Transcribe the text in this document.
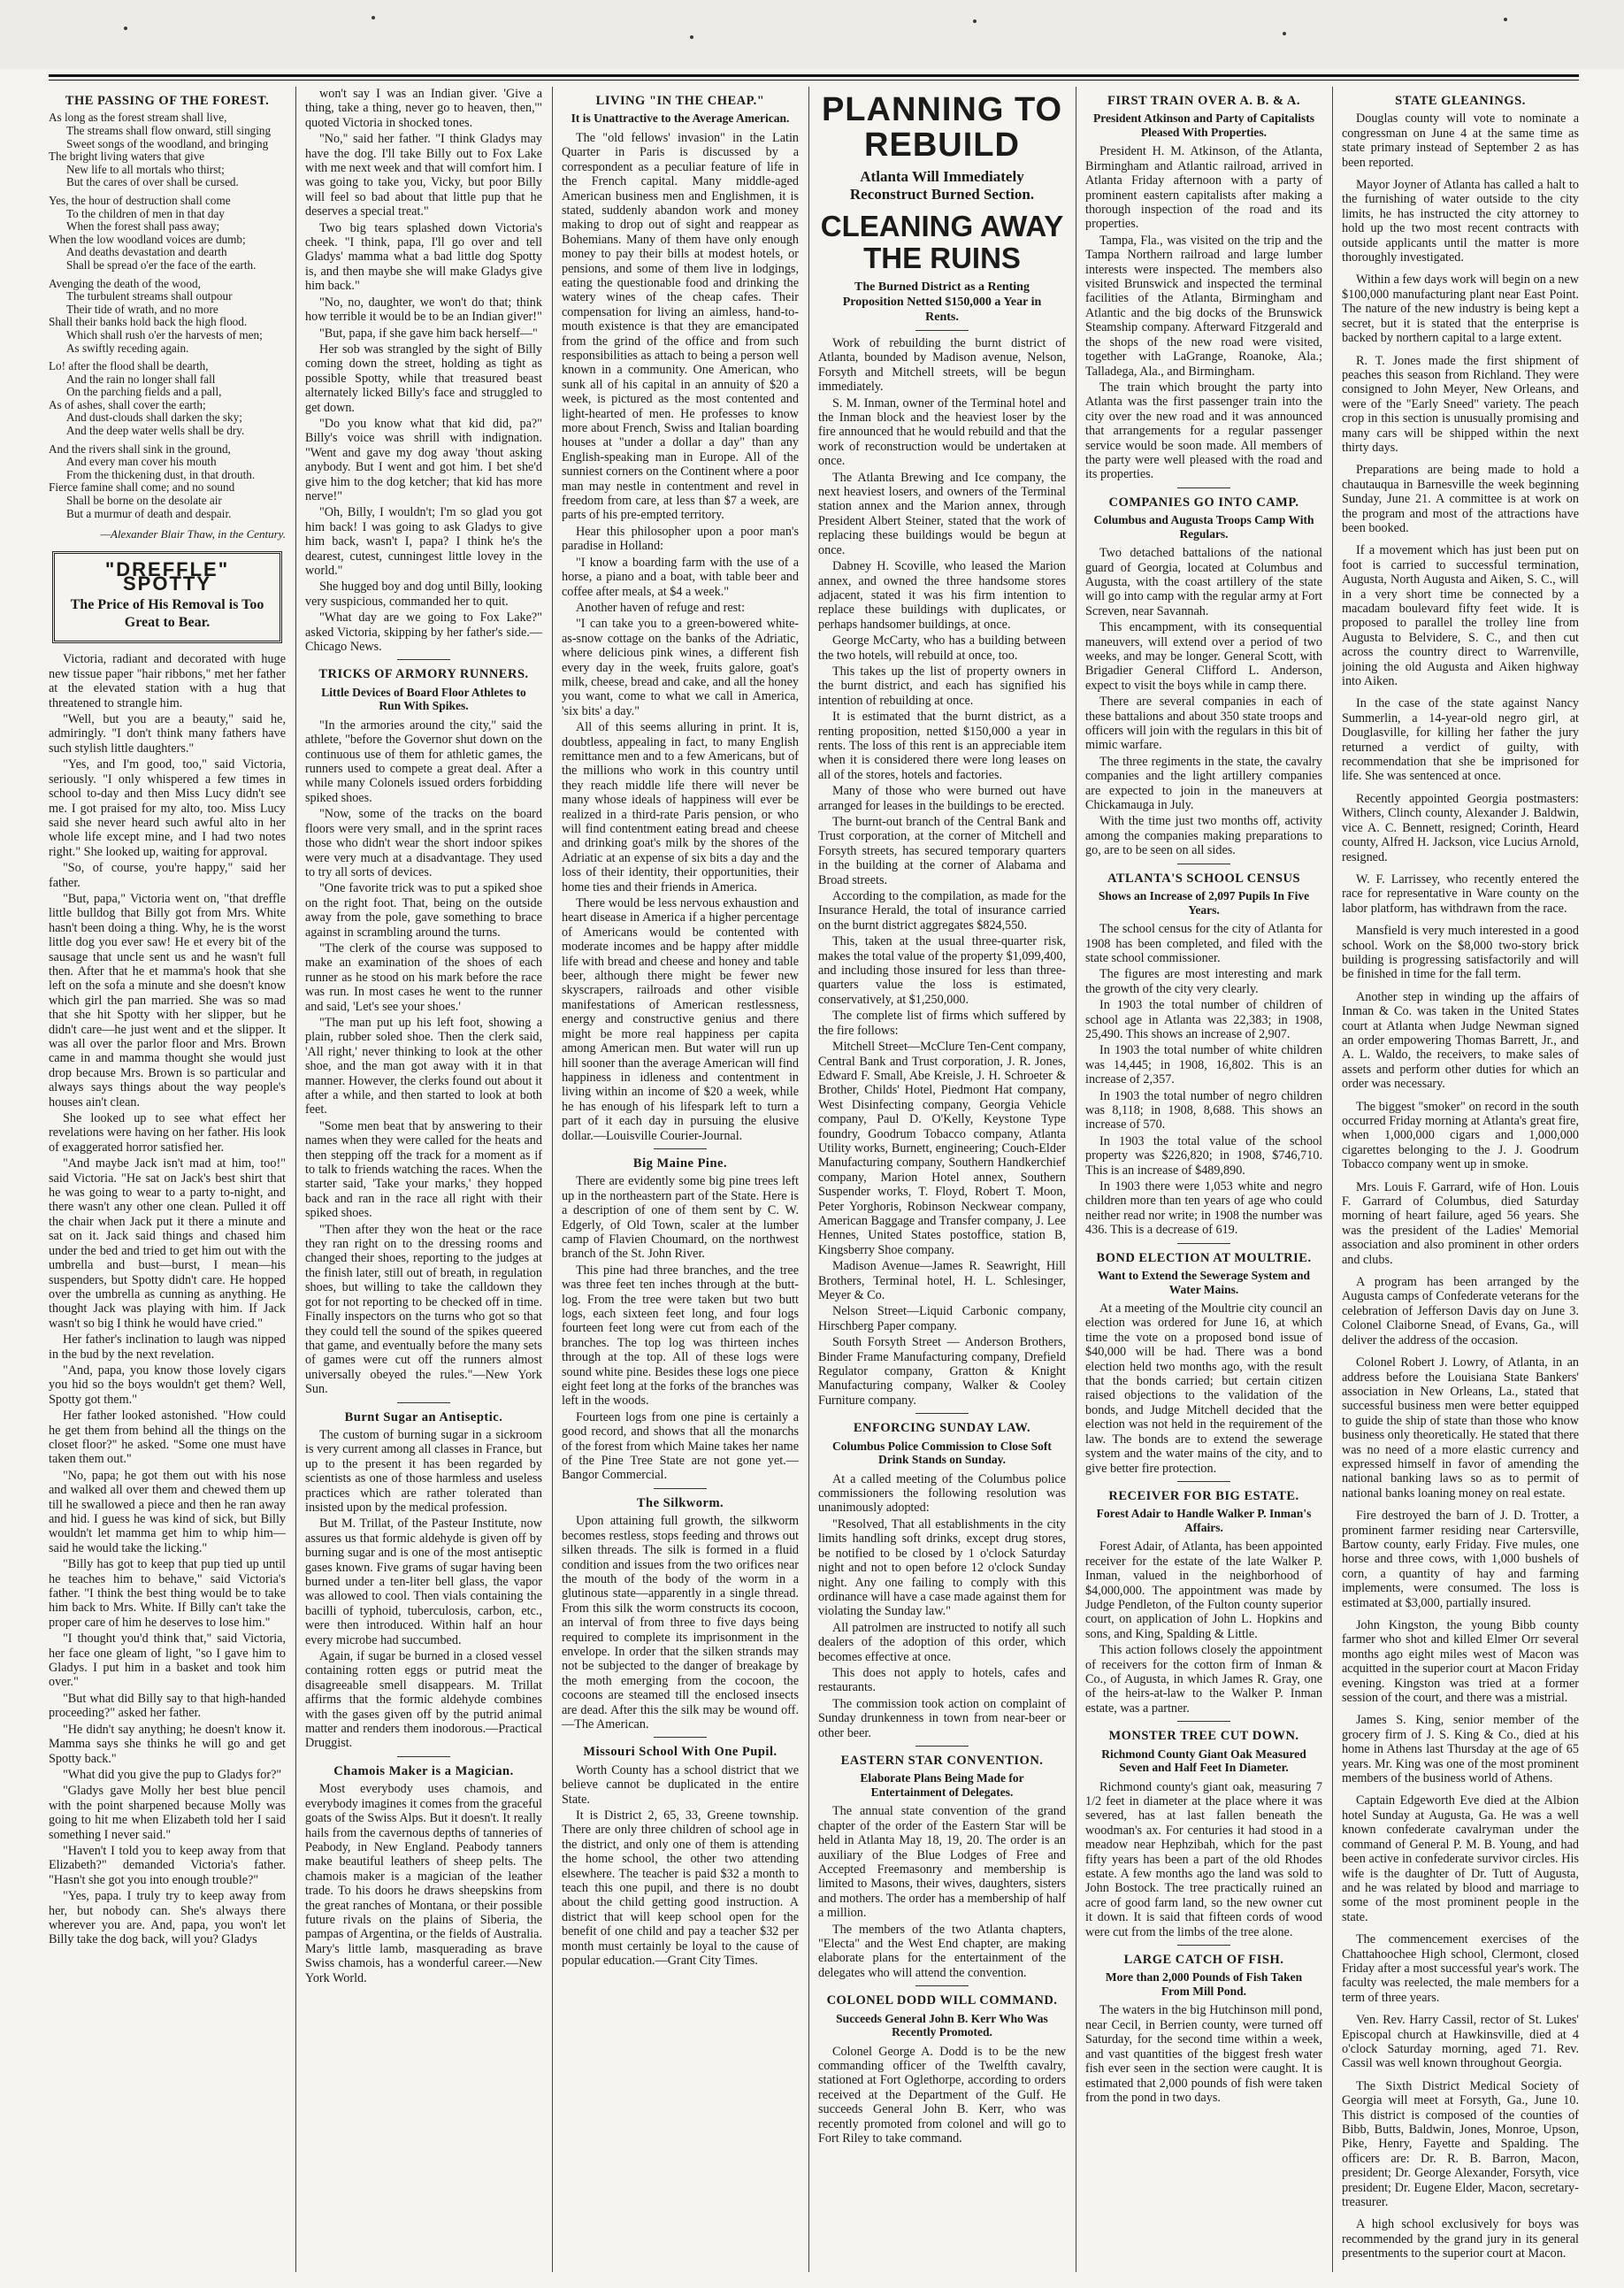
THE PASSING OF THE FOREST.
As long as the forest stream shall live,
The streams shall flow onward, still singing
Sweet songs of the woodland, and bringing
The bright living waters that give
New life to all mortals who thirst;
But the cares of over shall be cursed.
Yes, the hour of destruction shall come
To the children of men in that day
When the forest shall pass away;
When the low woodland voices are dumb;
And deaths devastation and dearth
Shall be spread o'er the face of the earth.
Avenging the death of the wood,
The turbulent streams shall outpour
Their tide of wrath, and no more
Shall their banks hold back the high flood.
Which shall rush o'er the harvests of men;
As swiftly receding again.
Lo! after the flood shall be dearth,
And the rain no longer shall fall
On the parching fields and a pall,
As of ashes, shall cover the earth;
And dust-clouds shall darken the sky;
And the deep water wells shall be dry.
And the rivers shall sink in the ground,
And every man cover his mouth
From the thickening dust, in that drouth.
Fierce famine shall come; and no sound
Shall be borne on the desolate air
But a murmur of death and despair.
—Alexander Blair Thaw, in the Century.
"DREFFLE" SPOTTY
The Price of His Removal is Too Great to Bear.

Victoria, radiant and decorated with huge new tissue paper "hair ribbons," met her father at the elevated station with a hug that threatened to strangle him.

"Well, but you are a beauty," said he, admiringly. "I don't think many fathers have such stylish little daughters."

"Yes, and I'm good, too," said Victoria, seriously. "I only whispered a few times in school to-day and then Miss Lucy didn't see me. I got praised for my alto, too. Miss Lucy said she never heard such awful alto in her whole life except mine, and I had two notes right." She looked up, waiting for approval.

"So, of course, you're happy," said her father.

"But, papa," Victoria went on, "that dreffle little bulldog that Billy got from Mrs. White hasn't been doing a thing. Why, he is the worst little dog you ever saw! He et every bit of the sausage that uncle sent us and he wasn't full then. After that he et mamma's hook that she left on the sofa a minute and she doesn't know which girl the pan married. She was so mad that she hit Spotty with her slipper, but he didn't care—he just went and et the slipper. It was all over the parlor floor and Mrs. Brown came in and mamma thought she would just drop because Mrs. Brown is so particular and always says things about the way people's houses ain't clean.

She looked up to see what effect her revelations were having on her father. His look of exaggerated horror satisfied her.

"And maybe Jack isn't mad at him, too!" said Victoria. "He sat on Jack's best shirt that he was going to wear to a party to-night, and there wasn't any other one clean. Pulled it off the chair when Jack put it there a minute and sat on it. Jack said things and chased him under the bed and tried to get him out with the umbrella and bust—burst, I mean—his suspenders, but Spotty didn't care. He hopped over the umbrella as cunning as anything. He thought Jack was playing with him. If Jack wasn't so big I think he would have cried."

Her father's inclination to laugh was nipped in the bud by the next revelation.

"And, papa, you know those lovely cigars you hid so the boys wouldn't get them? Well, Spotty got them."

Her father looked astonished. "How could he get them from behind all the things on the closet floor?" he asked. "Some one must have taken them out."

"No, papa; he got them out with his nose and walked all over them and chewed them up till he swallowed a piece and then he ran away and hid. I guess he was kind of sick, but Billy wouldn't let mamma get him to whip him—said he would take the licking."

"Billy has got to keep that pup tied up until he teaches him to behave," said Victoria's father. "I think the best thing would be to take him back to Mrs. White. If Billy can't take the proper care of him he deserves to lose him."

"I thought you'd think that," said Victoria, her face one gleam of light, "so I gave him to Gladys. I put him in a basket and took him over."

"But what did Billy say to that high-handed proceeding?" asked her father.

"He didn't say anything; he doesn't know it. Mamma says she thinks he will go and get Spotty back."

"What did you give the pup to Gladys for?"

"Gladys gave Molly her best blue pencil with the point sharpened because Molly was going to hit me when Elizabeth told her I said something I never said."

"Haven't I told you to keep away from that Elizabeth?" demanded Victoria's father. "Hasn't she got you into enough trouble?"

"Yes, papa. I truly try to keep away from her, but nobody can. She's always there wherever you are. And, papa, you won't let Billy take the dog back, will you? Gladys

won't say I was an Indian giver. 'Give a thing, take a thing, never go to heaven, then,'" quoted Victoria in shocked tones.

"No," said her father. "I think Gladys may have the dog. I'll take Billy out to Fox Lake with me next week and that will comfort him. I was going to take you, Vicky, but poor Billy will feel so bad about that little pup that he deserves a special treat."

Two big tears splashed down Victoria's cheek. "I think, papa, I'll go over and tell Gladys' mamma what a bad little dog Spotty is, and then maybe she will make Gladys give him back."

"No, no, daughter, we won't do that; think how terrible it would be to be an Indian giver!"

"But, papa, if she gave him back herself—"

Her sob was strangled by the sight of Billy coming down the street, holding as tight as possible Spotty, while that treasured beast alternately licked Billy's face and struggled to get down.

"Do you know what that kid did, pa?" Billy's voice was shrill with indignation. "Went and gave my dog away 'thout asking anybody. But I went and got him. I bet she'd give him to the dog ketcher; that kid has more nerve!"

"Oh, Billy, I wouldn't; I'm so glad you got him back! I was going to ask Gladys to give him back, wasn't I, papa? I think he's the dearest, cutest, cunningest little lovey in the world."

She hugged boy and dog until Billy, looking very suspicious, commanded her to quit.

"What day are we going to Fox Lake?" asked Victoria, skipping by her father's side.—Chicago News.

TRICKS OF ARMORY RUNNERS.
Little Devices of Board Floor Athletes to Run With Spikes.

"In the armories around the city," said the athlete, "before the Governor shut down on the continuous use of them for athletic games, the runners used to compete a great deal. After a while many Colonels issued orders forbidding spiked shoes.

"Now, some of the tracks on the board floors were very small, and in the sprint races those who didn't wear the short indoor spikes were very much at a disadvantage. They used to try all sorts of devices.

"One favorite trick was to put a spiked shoe on the right foot. That, being on the outside away from the pole, gave something to brace against in scrambling around the turns.

"The clerk of the course was supposed to make an examination of the shoes of each runner as he stood on his mark before the race was run. In most cases he went to the runner and said, 'Let's see your shoes.'

"The man put up his left foot, showing a plain, rubber soled shoe. Then the clerk said, 'All right,' never thinking to look at the other shoe, and the man got away with it in that manner. However, the clerks found out about it after a while, and then started to look at both feet.

"Some men beat that by answering to their names when they were called for the heats and then stepping off the track for a moment as if to talk to friends watching the races. When the starter said, 'Take your marks,' they hopped back and ran in the race all right with their spiked shoes.

"Then after they won the heat or the race they ran right on to the dressing rooms and changed their shoes, reporting to the judges at the finish later, still out of breath, in regulation shoes, but willing to take the calldown they got for not reporting to be checked off in time. Finally inspectors on the turns who got so that they could tell the sound of the spikes queered that game, and eventually before the many sets of games were cut off the runners almost universally obeyed the rules."—New York Sun.

Burnt Sugar an Antiseptic.

The custom of burning sugar in a sickroom is very current among all classes in France, but up to the present it has been regarded by scientists as one of those harmless and useless practices which are rather tolerated than insisted upon by the medical profession.

But M. Trillat, of the Pasteur Institute, now assures us that formic aldehyde is given off by burning sugar and is one of the most antiseptic gases known. Five grams of sugar having been burned under a ten-liter bell glass, the vapor was allowed to cool. Then vials containing the bacilli of typhoid, tuberculosis, carbon, etc., were then introduced. Within half an hour every microbe had succumbed.

Again, if sugar be burned in a closed vessel containing rotten eggs or putrid meat the disagreeable smell disappears. M. Trillat affirms that the formic aldehyde combines with the gases given off by the putrid animal matter and renders them inodorous.—Practical Druggist.

Chamois Maker is a Magician.

Most everybody uses chamois, and everybody imagines it comes from the graceful goats of the Swiss Alps. But it doesn't. It really hails from the cavernous depths of tanneries of Peabody, in New England. Peabody tanners make beautiful leathers of sheep pelts. The chamois maker is a magician of the leather trade. To his doors he draws sheepskins from the great ranches of Montana, or their possible future rivals on the plains of Siberia, the pampas of Argentina, or the fields of Australia. Mary's little lamb, masquerading as brave Swiss chamois, has a wonderful career.—New York World.

LIVING "IN THE CHEAP."
It is Unattractive to the Average American.

The "old fellows' invasion" in the Latin Quarter in Paris is discussed by a correspondent as a peculiar feature of life in the French capital. Many middle-aged American business men and Englishmen, it is stated, suddenly abandon work and money making to drop out of sight and reappear as Bohemians. Many of them have only enough money to pay their bills at modest hotels, or pensions, and some of them live in lodgings, eating the questionable food and drinking the watery wines of the cheap cafes. Their compensation for living an aimless, hand-to-mouth existence is that they are emancipated from the grind of the office and from such responsibilities as attach to being a person well known in a community. One American, who sunk all of his capital in an annuity of $20 a week, is pictured as the most contented and light-hearted of men. He professes to know more about French, Swiss and Italian boarding houses at "under a dollar a day" than any English-speaking man in Europe. All of the sunniest corners on the Continent where a poor man may nestle in contentment and revel in freedom from care, at less than $7 a week, are parts of his pre-empted territory.

Hear this philosopher upon a poor man's paradise in Holland:

"I know a boarding farm with the use of a horse, a piano and a boat, with table beer and coffee after meals, at $4 a week."

Another haven of refuge and rest:

"I can take you to a green-bowered white-as-snow cottage on the banks of the Adriatic, where delicious pink wines, a different fish every day in the week, fruits galore, goat's milk, cheese, bread and cake, and all the honey you want, come to what we call in America, 'six bits' a day."

All of this seems alluring in print. It is, doubtless, appealing in fact, to many English remittance men and to a few Americans, but of the millions who work in this country until they reach middle life there will never be many whose ideals of happiness will ever be realized in a third-rate Paris pension, or who will find contentment eating bread and cheese and drinking goat's milk by the shores of the Adriatic at an expense of six bits a day and the loss of their identity, their opportunities, their home ties and their friends in America.

There would be less nervous exhaustion and heart disease in America if a higher percentage of Americans would be contented with moderate incomes and be happy after middle life with bread and cheese and honey and table beer, although there might be fewer new skyscrapers, railroads and other visible manifestations of American restlessness, energy and constructive genius and there might be more real happiness per capita among American men. But water will run up hill sooner than the average American will find happiness in idleness and contentment in living within an income of $20 a week, while he has enough of his lifespark left to turn a part of it each day in pursuing the elusive dollar.—Louisville Courier-Journal.

Big Maine Pine.

There are evidently some big pine trees left up in the northeastern part of the State. Here is a description of one of them sent by C. W. Edgerly, of Old Town, scaler at the lumber camp of Flavien Choumard, on the northwest branch of the St. John River.

This pine had three branches, and the tree was three feet ten inches through at the butt-log. From the tree were taken but two butt logs, each sixteen feet long, and four logs fourteen feet long were cut from each of the branches. The top log was thirteen inches through at the top. All of these logs were sound white pine. Besides these logs one piece eight feet long at the forks of the branches was left in the woods.

Fourteen logs from one pine is certainly a good record, and shows that all the monarchs of the forest from which Maine takes her name of the Pine Tree State are not gone yet.—Bangor Commercial.

The Silkworm.

Upon attaining full growth, the silkworm becomes restless, stops feeding and throws out silken threads. The silk is formed in a fluid condition and issues from the two orifices near the mouth of the body of the worm in a glutinous state—apparently in a single thread. From this silk the worm constructs its cocoon, an interval of from three to five days being required to complete its imprisonment in the envelope. In order that the silken strands may not be subjected to the danger of breakage by the moth emerging from the cocoon, the cocoons are steamed till the enclosed insects are dead. After this the silk may be wound off.—The American.

Missouri School With One Pupil.

Worth County has a school district that we believe cannot be duplicated in the entire State.

It is District 2, 65, 33, Greene township. There are only three children of school age in the district, and only one of them is attending the home school, the other two attending elsewhere. The teacher is paid $32 a month to teach this one pupil, and there is no doubt about the child getting good instruction. A district that will keep school open for the benefit of one child and pay a teacher $32 per month must certainly be loyal to the cause of popular education.—Grant City Times.

PLANNING TO REBUILD
Atlanta Will Immediately Reconstruct Burned Section.
CLEANING AWAY THE RUINS
The Burned District as a Renting Proposition Netted $150,000 a Year in Rents.

Work of rebuilding the burnt district of Atlanta, bounded by Madison avenue, Nelson, Forsyth and Mitchell streets, will be begun immediately.

S. M. Inman, owner of the Terminal hotel and the Inman block and the heaviest loser by the fire announced that he would rebuild and that the work of reconstruction would be undertaken at once.

The Atlanta Brewing and Ice company, the next heaviest losers, and owners of the Terminal station annex and the Marion annex, through President Albert Steiner, stated that the work of replacing these buildings would be begun at once.

Dabney H. Scoville, who leased the Marion annex, and owned the three handsome stores adjacent, stated it was his firm intention to replace these buildings with duplicates, or perhaps handsomer buildings, at once.

George McCarty, who has a building between the two hotels, will rebuild at once, too.

This takes up the list of property owners in the burnt district, and each has signified his intention of rebuilding at once.

It is estimated that the burnt district, as a renting proposition, netted $150,000 a year in rents. The loss of this rent is an appreciable item when it is considered there were long leases on all of the stores, hotels and factories.

Many of those who were burned out have arranged for leases in the buildings to be erected.

The burnt-out branch of the Central Bank and Trust corporation, at the corner of Mitchell and Forsyth streets, has secured temporary quarters in the building at the corner of Alabama and Broad streets.

According to the compilation, as made for the Insurance Herald, the total of insurance carried on the burnt district aggregates $824,550.

This, taken at the usual three-quarter risk, makes the total value of the property $1,099,400, and including those insured for less than three-quarters value the loss is estimated, conservatively, at $1,250,000.

The complete list of firms which suffered by the fire follows:

Mitchell Street—McClure Ten-Cent company, Central Bank and Trust corporation, J. R. Jones, Edward F. Small, Abe Kreisle, J. H. Schroeter & Brother, Childs' Hotel, Piedmont Hat company, West Disinfecting company, Georgia Vehicle company, Paul D. O'Kelly, Keystone Type foundry, Goodrum Tobacco company, Atlanta Utility works, Burnett, engineering; Couch-Elder Manufacturing company, Southern Handkerchief company, Marion Hotel annex, Southern Suspender works, T. Floyd, Robert T. Moon, Peter Yorghoris, Robinson Neckwear company, American Baggage and Transfer company, J. Lee Hennes, United States postoffice, station B, Kingsberry Shoe company.

Madison Avenue—James R. Seawright, Hill Brothers, Terminal hotel, H. L. Schlesinger, Meyer & Co.

Nelson Street—Liquid Carbonic company, Hirschberg Paper company.

South Forsyth Street — Anderson Brothers, Binder Frame Manufacturing company, Drefield Regulator company, Gratton & Knight Manufacturing company, Walker & Cooley Furniture company.

ENFORCING SUNDAY LAW.
Columbus Police Commission to Close Soft Drink Stands on Sunday.

At a called meeting of the Columbus police commissioners the following resolution was unanimously adopted:

"Resolved, That all establishments in the city limits handling soft drinks, except drug stores, be notified to be closed by 1 o'clock Saturday night and not to open before 12 o'clock Sunday night. Any one failing to comply with this ordinance will have a case made against them for violating the Sunday law."

All patrolmen are instructed to notify all such dealers of the adoption of this order, which becomes effective at once.

This does not apply to hotels, cafes and restaurants.

The commission took action on complaint of Sunday drunkenness in town from near-beer or other beer.

EASTERN STAR CONVENTION.
Elaborate Plans Being Made for Entertainment of Delegates.

The annual state convention of the grand chapter of the order of the Eastern Star will be held in Atlanta May 18, 19, 20. The order is an auxiliary of the Blue Lodges of Free and Accepted Freemasonry and membership is limited to Masons, their wives, daughters, sisters and mothers. The order has a membership of half a million.

The members of the two Atlanta chapters, "Electa" and the West End chapter, are making elaborate plans for the entertainment of the delegates who will attend the convention.

COLONEL DODD WILL COMMAND.
Succeeds General John B. Kerr Who Was Recently Promoted.

Colonel George A. Dodd is to be the new commanding officer of the Twelfth cavalry, stationed at Fort Oglethorpe, according to orders received at the Department of the Gulf. He succeeds General John B. Kerr, who was recently promoted from colonel and will go to Fort Riley to take command.

FIRST TRAIN OVER A. B. & A.
President Atkinson and Party of Capitalists Pleased With Properties.

President H. M. Atkinson, of the Atlanta, Birmingham and Atlantic railroad, arrived in Atlanta Friday afternoon with a party of prominent eastern capitalists after making a thorough inspection of the road and its properties.

Tampa, Fla., was visited on the trip and the Tampa Northern railroad and large lumber interests were inspected. The members also visited Brunswick and inspected the terminal facilities of the Atlanta, Birmingham and Atlantic and the big docks of the Brunswick Steamship company. Afterward Fitzgerald and the shops of the new road were visited, together with LaGrange, Roanoke, Ala.; Talladega, Ala., and Birmingham.

The train which brought the party into Atlanta was the first passenger train into the city over the new road and it was announced that arrangements for a regular passenger service would be soon made. All members of the party were well pleased with the road and its properties.

COMPANIES GO INTO CAMP.
Columbus and Augusta Troops Camp With Regulars.

Two detached battalions of the national guard of Georgia, located at Columbus and Augusta, with the coast artillery of the state will go into camp with the regular army at Fort Screven, near Savannah.

This encampment, with its consequential maneuvers, will extend over a period of two weeks, and may be longer. General Scott, with Brigadier General Clifford L. Anderson, expect to visit the boys while in camp there.

There are several companies in each of these battalions and about 350 state troops and officers will join with the regulars in this bit of mimic warfare.

The three regiments in the state, the cavalry companies and the light artillery companies are expected to join in the maneuvers at Chickamauga in July.

With the time just two months off, activity among the companies making preparations to go, are to be seen on all sides.

ATLANTA'S SCHOOL CENSUS
Shows an Increase of 2,097 Pupils In Five Years.

The school census for the city of Atlanta for 1908 has been completed, and filed with the state school commissioner.

The figures are most interesting and mark the growth of the city very clearly.

In 1903 the total number of children of school age in Atlanta was 22,383; in 1908, 25,490. This shows an increase of 2,907.

In 1903 the total number of white children was 14,445; in 1908, 16,802. This is an increase of 2,357.

In 1903 the total number of negro children was 8,118; in 1908, 8,688. This shows an increase of 570.

In 1903 the total value of the school property was $226,820; in 1908, $746,710. This is an increase of $489,890.

In 1903 there were 1,053 white and negro children more than ten years of age who could neither read nor write; in 1908 the number was 436. This is a decrease of 619.

BOND ELECTION AT MOULTRIE.
Want to Extend the Sewerage System and Water Mains.

At a meeting of the Moultrie city council an election was ordered for June 16, at which time the vote on a proposed bond issue of $40,000 will be had. There was a bond election held two months ago, with the result that the bonds carried; but certain citizen raised objections to the validation of the bonds, and Judge Mitchell decided that the election was not held in the requirement of the law. The bonds are to extend the sewerage system and the water mains of the city, and to give better fire protection.

RECEIVER FOR BIG ESTATE.
Forest Adair to Handle Walker P. Inman's Affairs.

Forest Adair, of Atlanta, has been appointed receiver for the estate of the late Walker P. Inman, valued in the neighborhood of $4,000,000. The appointment was made by Judge Pendleton, of the Fulton county superior court, on application of John L. Hopkins and sons, and King, Spalding & Little.

This action follows closely the appointment of receivers for the cotton firm of Inman & Co., of Augusta, in which James R. Gray, one of the heirs-at-law to the Walker P. Inman estate, was a partner.

MONSTER TREE CUT DOWN.
Richmond County Giant Oak Measured Seven and Half Feet In Diameter.

Richmond county's giant oak, measuring 7 1/2 feet in diameter at the place where it was severed, has at last fallen beneath the woodman's ax. For centuries it had stood in a meadow near Hephzibah, which for the past fifty years has been a part of the old Rhodes estate. A few months ago the land was sold to John Bostock. The tree practically ruined an acre of good farm land, so the new owner cut it down. It is said that fifteen cords of wood were cut from the limbs of the tree alone.

LARGE CATCH OF FISH.
More than 2,000 Pounds of Fish Taken From Mill Pond.

The waters in the big Hutchinson mill pond, near Cecil, in Berrien county, were turned off Saturday, for the second time within a week, and vast quantities of the biggest fresh water fish ever seen in the section were caught. It is estimated that 2,000 pounds of fish were taken from the pond in two days.

STATE GLEANINGS.

Douglas county will vote to nominate a congressman on June 4 at the same time as state primary instead of September 2 as has been reported.

Mayor Joyner of Atlanta has called a halt to the furnishing of water outside to the city limits, he has instructed the city attorney to hold up the two most recent contracts with outside applicants until the matter is more thoroughly investigated.

Within a few days work will begin on a new $100,000 manufacturing plant near East Point. The nature of the new industry is being kept a secret, but it is stated that the enterprise is backed by northern capital to a large extent.

R. T. Jones made the first shipment of peaches this season from Richland. They were consigned to John Meyer, New Orleans, and were of the "Early Sneed" variety. The peach crop in this section is unusually promising and many cars will be shipped within the next thirty days.

Preparations are being made to hold a chautauqua in Barnesville the week beginning Sunday, June 21. A committee is at work on the program and most of the attractions have been booked.

If a movement which has just been put on foot is carried to successful termination, Augusta, North Augusta and Aiken, S. C., will in a very short time be connected by a macadam boulevard fifty feet wide. It is proposed to parallel the trolley line from Augusta to Belvidere, S. C., and then cut across the country direct to Warrenville, joining the old Augusta and Aiken highway into Aiken.

In the case of the state against Nancy Summerlin, a 14-year-old negro girl, at Douglasville, for killing her father the jury returned a verdict of guilty, with recommendation that she be imprisoned for life. She was sentenced at once.

Recently appointed Georgia postmasters: Withers, Clinch county, Alexander J. Baldwin, vice A. C. Bennett, resigned; Corinth, Heard county, Alfred H. Jackson, vice Lucius Arnold, resigned.

W. F. Larrissey, who recently entered the race for representative in Ware county on the labor platform, has withdrawn from the race.

Mansfield is very much interested in a good school. Work on the $8,000 two-story brick building is progressing satisfactorily and will be finished in time for the fall term.

Another step in winding up the affairs of Inman & Co. was taken in the United States court at Atlanta when Judge Newman signed an order empowering Thomas Barrett, Jr., and A. L. Waldo, the receivers, to make sales of assets and perform other duties for which an order was necessary.

The biggest "smoker" on record in the south occurred Friday morning at Atlanta's great fire, when 1,000,000 cigars and 1,000,000 cigarettes belonging to the J. J. Goodrum Tobacco company went up in smoke.

Mrs. Louis F. Garrard, wife of Hon. Louis F. Garrard of Columbus, died Saturday morning of heart failure, aged 56 years. She was the president of the Ladies' Memorial association and also prominent in other orders and clubs.

A program has been arranged by the Augusta camps of Confederate veterans for the celebration of Jefferson Davis day on June 3. Colonel Claiborne Snead, of Evans, Ga., will deliver the address of the occasion.

Colonel Robert J. Lowry, of Atlanta, in an address before the Louisiana State Bankers' association in New Orleans, La., stated that successful business men were better equipped to guide the ship of state than those who know business only theoretically. He stated that there was no need of a more elastic currency and expressed himself in favor of amending the national banking laws so as to permit of national banks loaning money on real estate.

Fire destroyed the barn of J. D. Trotter, a prominent farmer residing near Cartersville, Bartow county, early Friday. Five mules, one horse and three cows, with 1,000 bushels of corn, a quantity of hay and farming implements, were consumed. The loss is estimated at $3,000, partially insured.

John Kingston, the young Bibb county farmer who shot and killed Elmer Orr several months ago eight miles west of Macon was acquitted in the superior court at Macon Friday evening. Kingston was tried at a former session of the court, and there was a mistrial.

James S. King, senior member of the grocery firm of J. S. King & Co., died at his home in Athens last Thursday at the age of 65 years. Mr. King was one of the most prominent members of the business world of Athens.

Captain Edgeworth Eve died at the Albion hotel Sunday at Augusta, Ga. He was a well known confederate cavalryman under the command of General P. M. B. Young, and had been active in confederate survivor circles. His wife is the daughter of Dr. Tutt of Augusta, and he was related by blood and marriage to some of the most prominent people in the state.

The commencement exercises of the Chattahoochee High school, Clermont, closed Friday after a most successful year's work. The faculty was reelected, the male members for a term of three years.

Ven. Rev. Harry Cassil, rector of St. Lukes' Episcopal church at Hawkinsville, died at 4 o'clock Saturday morning, aged 71. Rev. Cassil was well known throughout Georgia.

The Sixth District Medical Society of Georgia will meet at Forsyth, Ga., June 10. This district is composed of the counties of Bibb, Butts, Baldwin, Jones, Monroe, Upson, Pike, Henry, Fayette and Spalding. The officers are: Dr. R. B. Barron, Macon, president; Dr. George Alexander, Forsyth, vice president; Dr. Eugene Elder, Macon, secretary-treasurer.

A high school exclusively for boys was recommended by the grand jury in its general presentments to the superior court at Macon.
